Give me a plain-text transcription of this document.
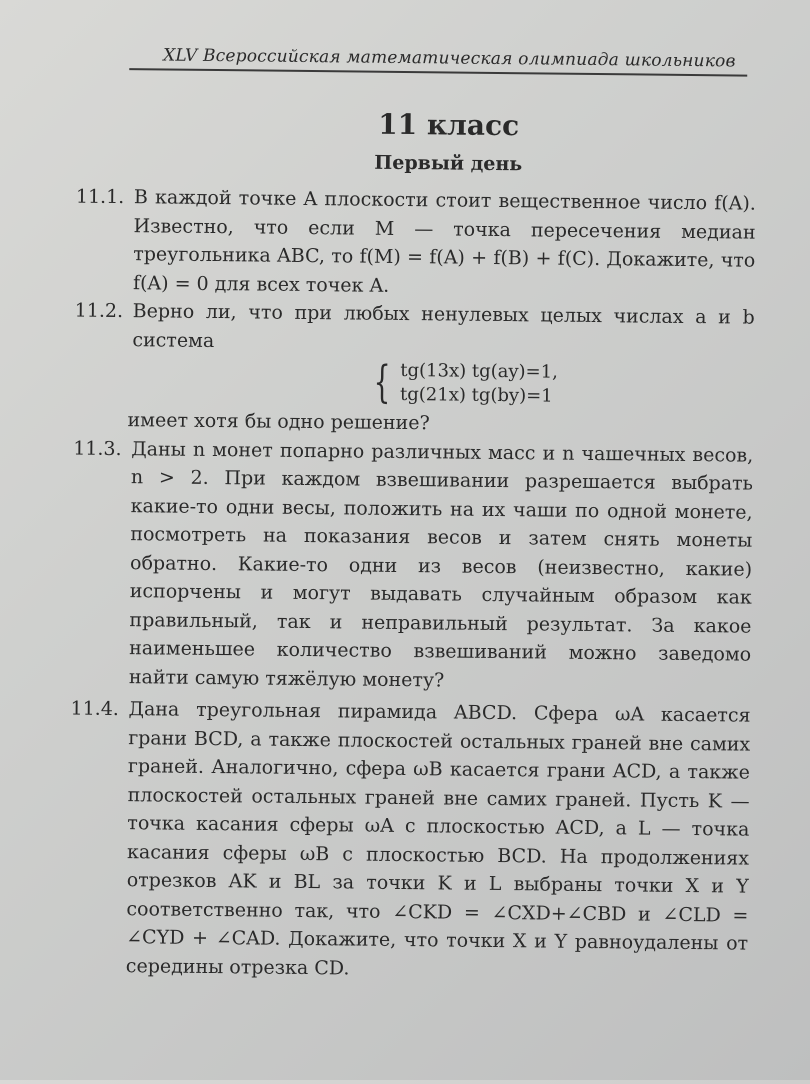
XLV Всероссийская математическая олимпиада школьников
11 класс
Первый день
11.1. В каждой точке A плоскости стоит вещественное число f(A). Известно, что если M — точка пересечения медиан треугольника ABC, то f(M) = f(A) + f(B) + f(C). Докажите, что f(A) = 0 для всех точек A.
11.2. Верно ли, что при любых ненулевых целых числах a и b система
{ tg(13x) tg(ay)=1,
tg(21x) tg(by)=1
имеет хотя бы одно решение?
11.3. Даны n монет попарно различных масс и n чашечных весов, n > 2. При каждом взвешивании разрешается выбрать какие-то одни весы, положить на их чаши по одной монете, посмотреть на показания весов и затем снять монеты обратно. Какие-то одни из весов (неизвестно, какие) испорчены и могут выдавать случайным образом как правильный, так и неправильный результат. За какое наименьшее количество взвешиваний можно заведомо найти самую тяжёлую монету?
11.4. Дана треугольная пирамида ABCD. Сфера ωA касается грани BCD, а также плоскостей остальных граней вне самих граней. Аналогично, сфера ωB касается грани ACD, а также плоскостей остальных граней вне самих граней. Пусть K — точка касания сферы ωA с плоскостью ACD, а L — точка касания сферы ωB с плоскостью BCD. На продолжениях отрезков AK и BL за точки K и L выбраны точки X и Y соответственно так, что ∠CKD = ∠CXD+∠CBD и ∠CLD = ∠CYD + ∠CAD. Докажите, что точки X и Y равноудалены от середины отрезка CD.
